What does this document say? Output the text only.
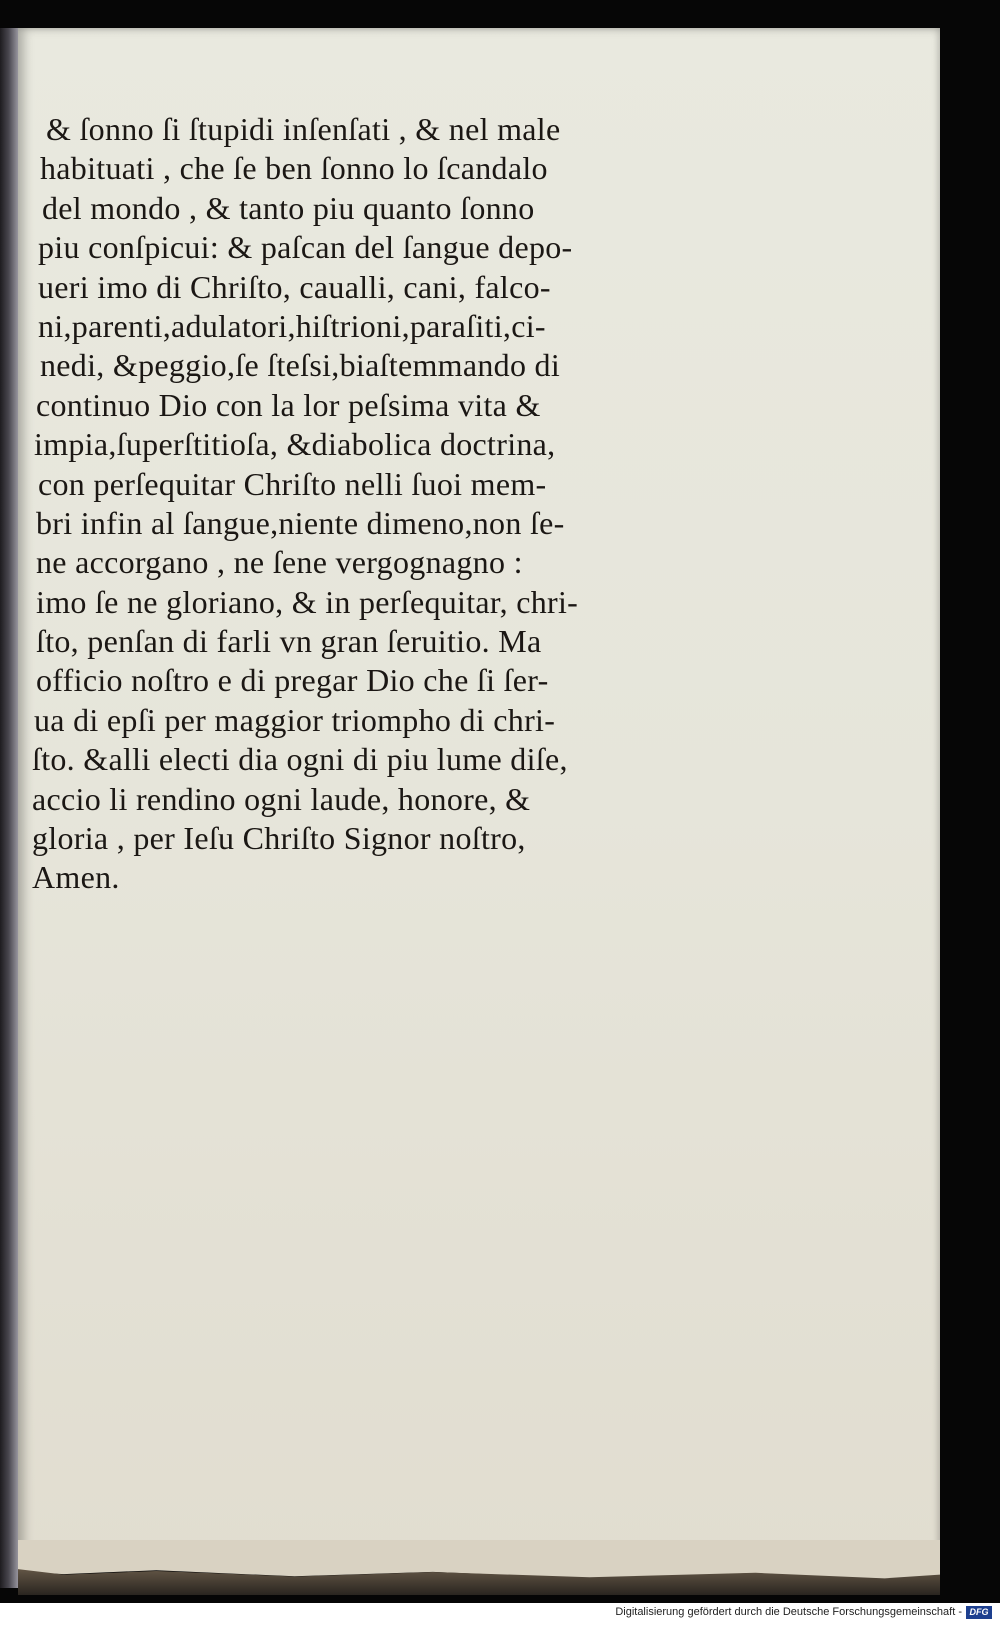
& ſonno ſi ſtupidi inſenſati , & nel male
habituati , che ſe ben ſonno lo ſcandalo
del mondo , & tanto piu quanto ſonno
piu conſpicui: & paſcan del ſangue depo-
ueri imo di Chriſto, caualli, cani, falco-
ni,parenti,adulatori,hiſtrioni,paraſiti,ci-
nedi, &peggio,ſe ſteſsi,biaſtemmando di
continuo Dio con la lor peſsima vita &
impia,ſuperſtitioſa, &diabolica doctrina,
con perſequitar Chriſto nelli ſuoi mem-
bri infin al ſangue,niente dimeno,non ſe-
ne accorgano , ne ſene vergognagno :
imo ſe ne gloriano, & in perſequitar, chri-
ſto, penſan di farli vn gran ſeruitio. Ma
officio noſtro e di pregar Dio che ſi ſer-
ua di epſi per maggior triompho di chri-
ſto. &alli electi dia ogni di piu lume diſe,
accio li rendino ogni laude, honore, &
gloria , per Ieſu Chriſto Signor noſtro,
Amen.
Digitalisierung gefördert durch die Deutsche Forschungsgemeinschaft - DFG
